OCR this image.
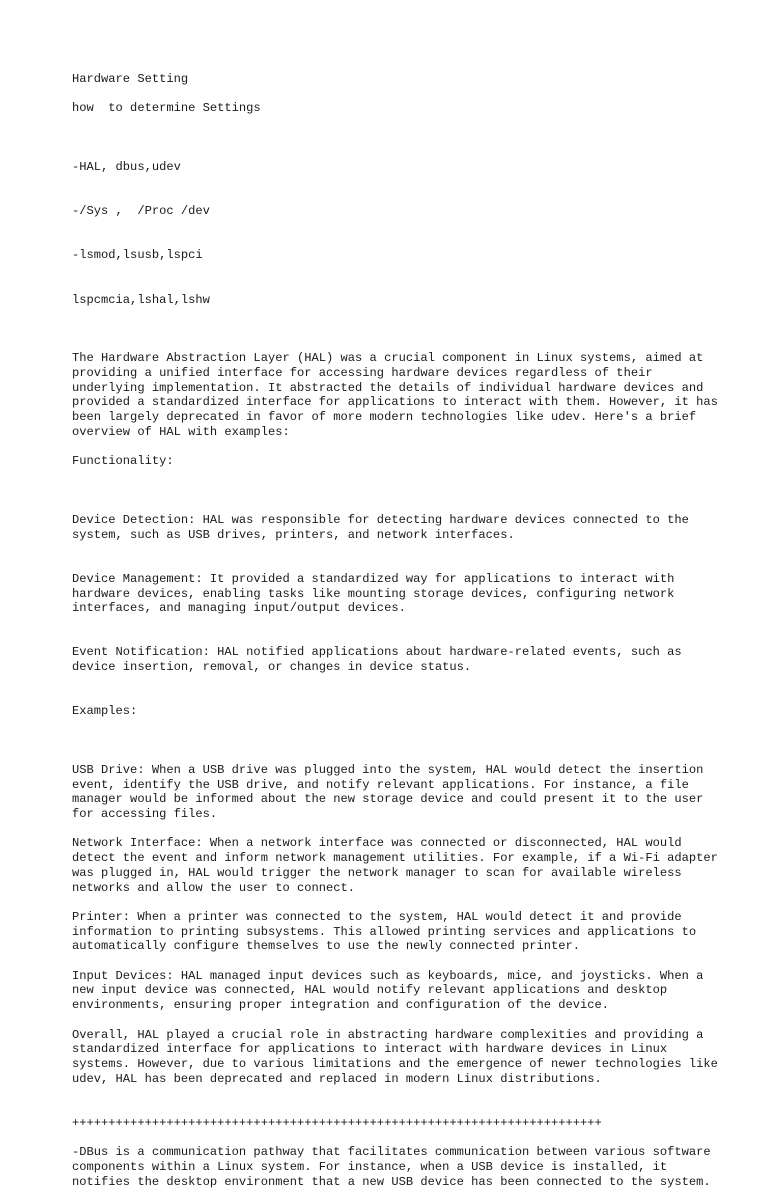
Hardware Setting
how  to determine Settings

-HAL, dbus,udev

-/Sys ,  /Proc /dev

-lsmod,lsusb,lspci

lspcmcia,lshal,lshw

The Hardware Abstraction Layer (HAL) was a crucial component in Linux systems, aimed at providing a unified interface for accessing hardware devices regardless of their underlying implementation. It abstracted the details of individual hardware devices and provided a standardized interface for applications to interact with them. However, it has been largely deprecated in favor of more modern technologies like udev. Here's a brief overview of HAL with examples:
Functionality:

Device Detection: HAL was responsible for detecting hardware devices connected to the system, such as USB drives, printers, and network interfaces.

Device Management: It provided a standardized way for applications to interact with hardware devices, enabling tasks like mounting storage devices, configuring network interfaces, and managing input/output devices.

Event Notification: HAL notified applications about hardware-related events, such as device insertion, removal, or changes in device status.

Examples:

USB Drive: When a USB drive was plugged into the system, HAL would detect the insertion event, identify the USB drive, and notify relevant applications. For instance, a file manager would be informed about the new storage device and could present it to the user for accessing files.
Network Interface: When a network interface was connected or disconnected, HAL would detect the event and inform network management utilities. For example, if a Wi-Fi adapter was plugged in, HAL would trigger the network manager to scan for available wireless networks and allow the user to connect.
Printer: When a printer was connected to the system, HAL would detect it and provide information to printing subsystems. This allowed printing services and applications to automatically configure themselves to use the newly connected printer.
Input Devices: HAL managed input devices such as keyboards, mice, and joysticks. When a new input device was connected, HAL would notify relevant applications and desktop environments, ensuring proper integration and configuration of the device.
Overall, HAL played a crucial role in abstracting hardware complexities and providing a standardized interface for applications to interact with hardware devices in Linux systems. However, due to various limitations and the emergence of newer technologies like udev, HAL has been deprecated and replaced in modern Linux distributions.
+++++++++++++++++++++++++++++++++++++++++++++++++++++++++++++++++++++++++
-DBus is a communication pathway that facilitates communication between various software components within a Linux system. For instance, when a USB device is installed, it notifies the desktop environment that a new USB device has been connected to the system.
